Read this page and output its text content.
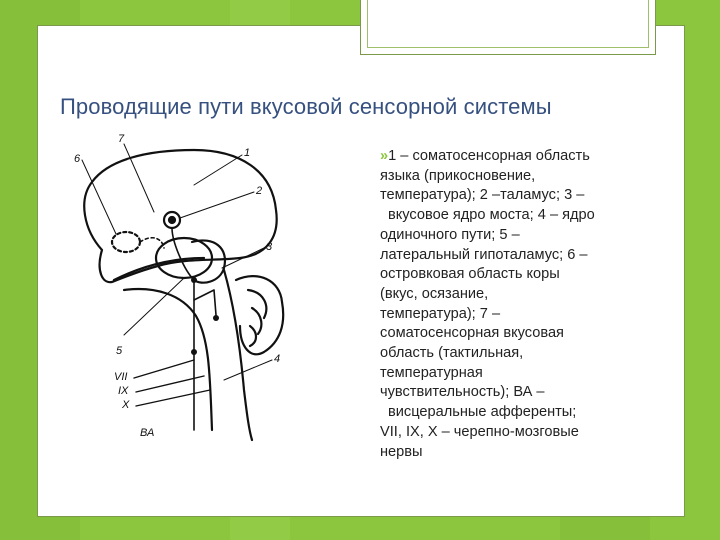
Проводящие пути вкусовой сенсорной системы
1
2
3
4
5
6
7
VII
IX
X
ВА
»1 – соматосенсорная область
языка (прикосновение,
температура); 2 –таламус; 3 –
вкусовое ядро моста; 4 – ядро
одиночного пути; 5 –
латеральный гипоталамус; 6 –
островковая область коры
(вкус, осязание,
температура); 7 –
соматосенсорная вкусовая
область (тактильная,
температурная
чувствительность); ВА –
висцеральные афференты;
VII, IX, X – черепно-мозговые
нервы
